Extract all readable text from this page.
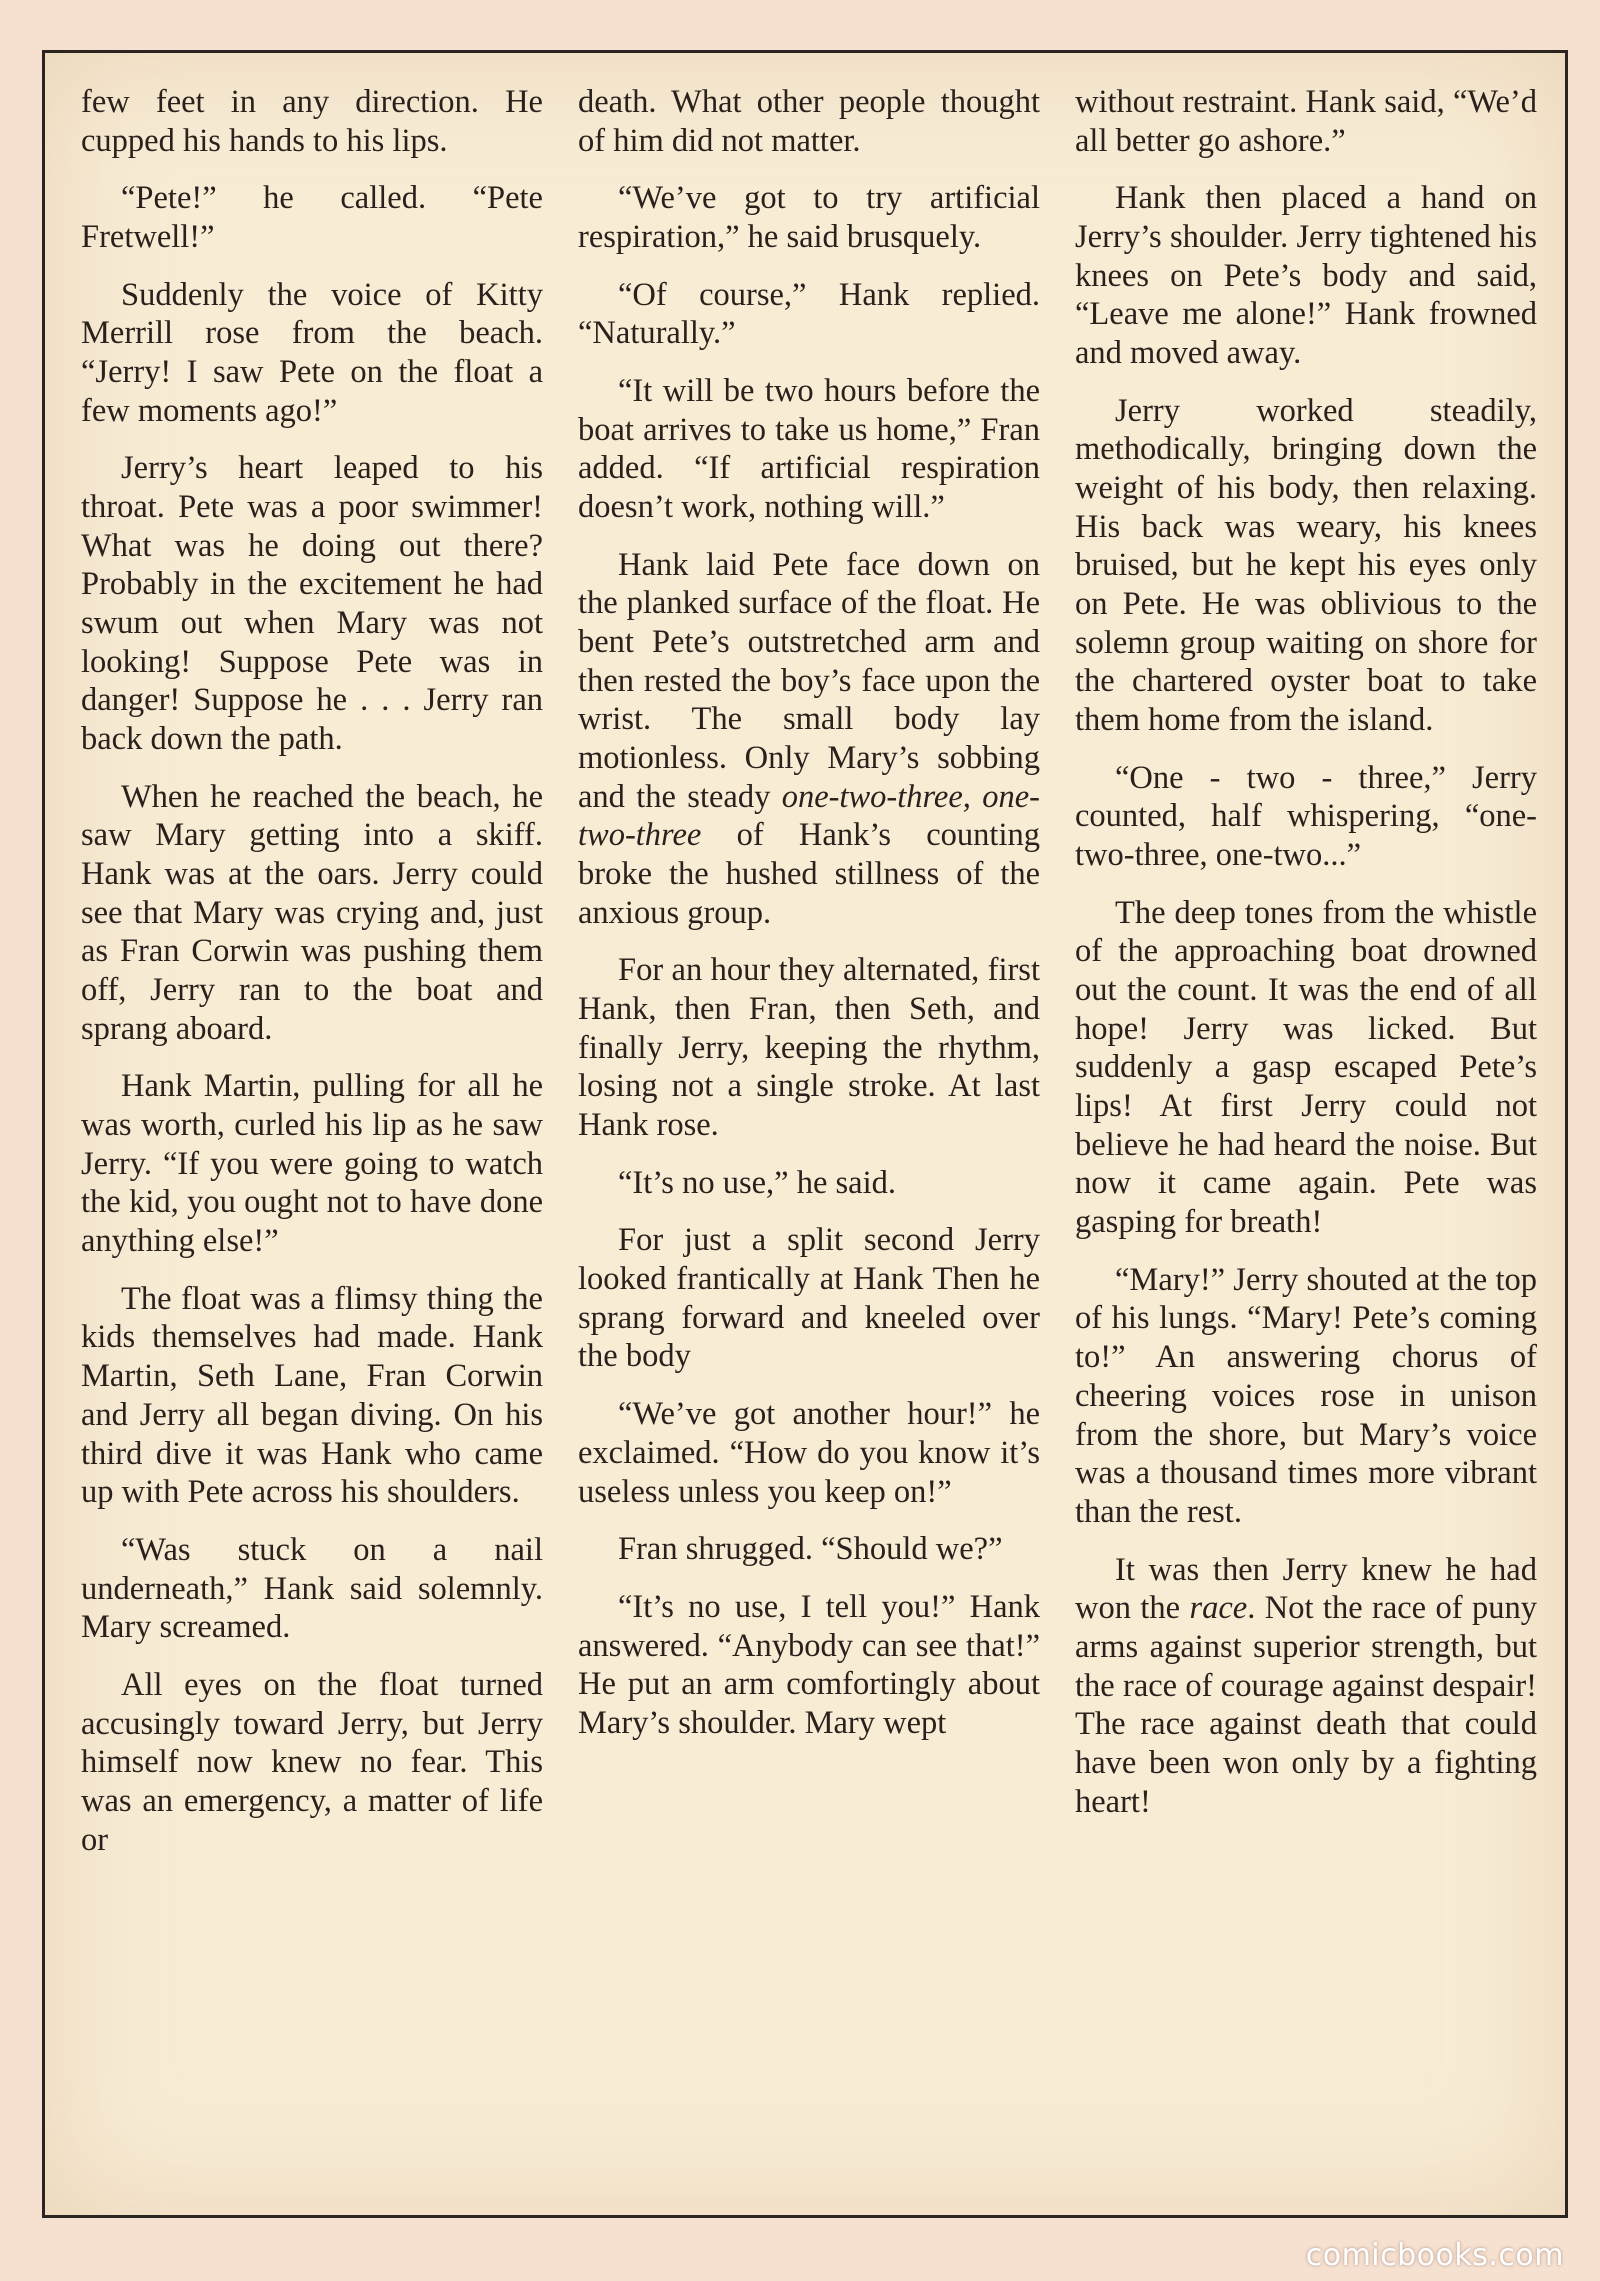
few feet in any direction. He cupped his hands to his lips.

“Pete!” he called. “Pete Fretwell!”

Suddenly the voice of Kitty Merrill rose from the beach. “Jerry! I saw Pete on the float a few moments ago!”

Jerry’s heart leaped to his throat. Pete was a poor swimmer! What was he doing out there? Probably in the excitement he had swum out when Mary was not looking! Suppose Pete was in danger! Suppose he . . . Jerry ran back down the path.

When he reached the beach, he saw Mary getting into a skiff. Hank was at the oars. Jerry could see that Mary was crying and, just as Fran Corwin was pushing them off, Jerry ran to the boat and sprang aboard.

Hank Martin, pulling for all he was worth, curled his lip as he saw Jerry. “If you were going to watch the kid, you ought not to have done anything else!”

The float was a flimsy thing the kids themselves had made. Hank Martin, Seth Lane, Fran Corwin and Jerry all began diving. On his third dive it was Hank who came up with Pete across his shoulders.

“Was stuck on a nail underneath,” Hank said solemnly. Mary screamed.

All eyes on the float turned accusingly toward Jerry, but Jerry himself now knew no fear. This was an emergency, a matter of life or

death. What other people thought of him did not matter.

“We’ve got to try artificial respiration,” he said brusquely.

“Of course,” Hank replied. “Naturally.”

“It will be two hours before the boat arrives to take us home,” Fran added. “If artificial respiration doesn’t work, nothing will.”

Hank laid Pete face down on the planked surface of the float. He bent Pete’s outstretched arm and then rested the boy’s face upon the wrist. The small body lay motionless. Only Mary’s sobbing and the steady one-two-three, one-two-three of Hank’s counting broke the hushed stillness of the anxious group.

For an hour they alternated, first Hank, then Fran, then Seth, and finally Jerry, keeping the rhythm, losing not a single stroke. At last Hank rose.

“It’s no use,” he said.

For just a split second Jerry looked frantically at Hank Then he sprang forward and kneeled over the body

“We’ve got another hour!” he exclaimed. “How do you know it’s useless unless you keep on!”

Fran shrugged. “Should we?”

“It’s no use, I tell you!” Hank answered. “Anybody can see that!” He put an arm comfortingly about Mary’s shoulder. Mary wept

without restraint. Hank said, “We’d all better go ashore.”

Hank then placed a hand on Jerry’s shoulder. Jerry tightened his knees on Pete’s body and said, “Leave me alone!” Hank frowned and moved away.

Jerry worked steadily, methodically, bringing down the weight of his body, then relaxing. His back was weary, his knees bruised, but he kept his eyes only on Pete. He was oblivious to the solemn group waiting on shore for the chartered oyster boat to take them home from the island.

“One - two - three,” Jerry counted, half whispering, “one-two-three, one-two...”

The deep tones from the whistle of the approaching boat drowned out the count. It was the end of all hope! Jerry was licked. But suddenly a gasp escaped Pete’s lips! At first Jerry could not believe he had heard the noise. But now it came again. Pete was gasping for breath!

“Mary!” Jerry shouted at the top of his lungs. “Mary! Pete’s coming to!” An answering chorus of cheering voices rose in unison from the shore, but Mary’s voice was a thousand times more vibrant than the rest.

It was then Jerry knew he had won the race. Not the race of puny arms against superior strength, but the race of courage against despair! The race against death that could have been won only by a fighting heart!

comicbooks.com
